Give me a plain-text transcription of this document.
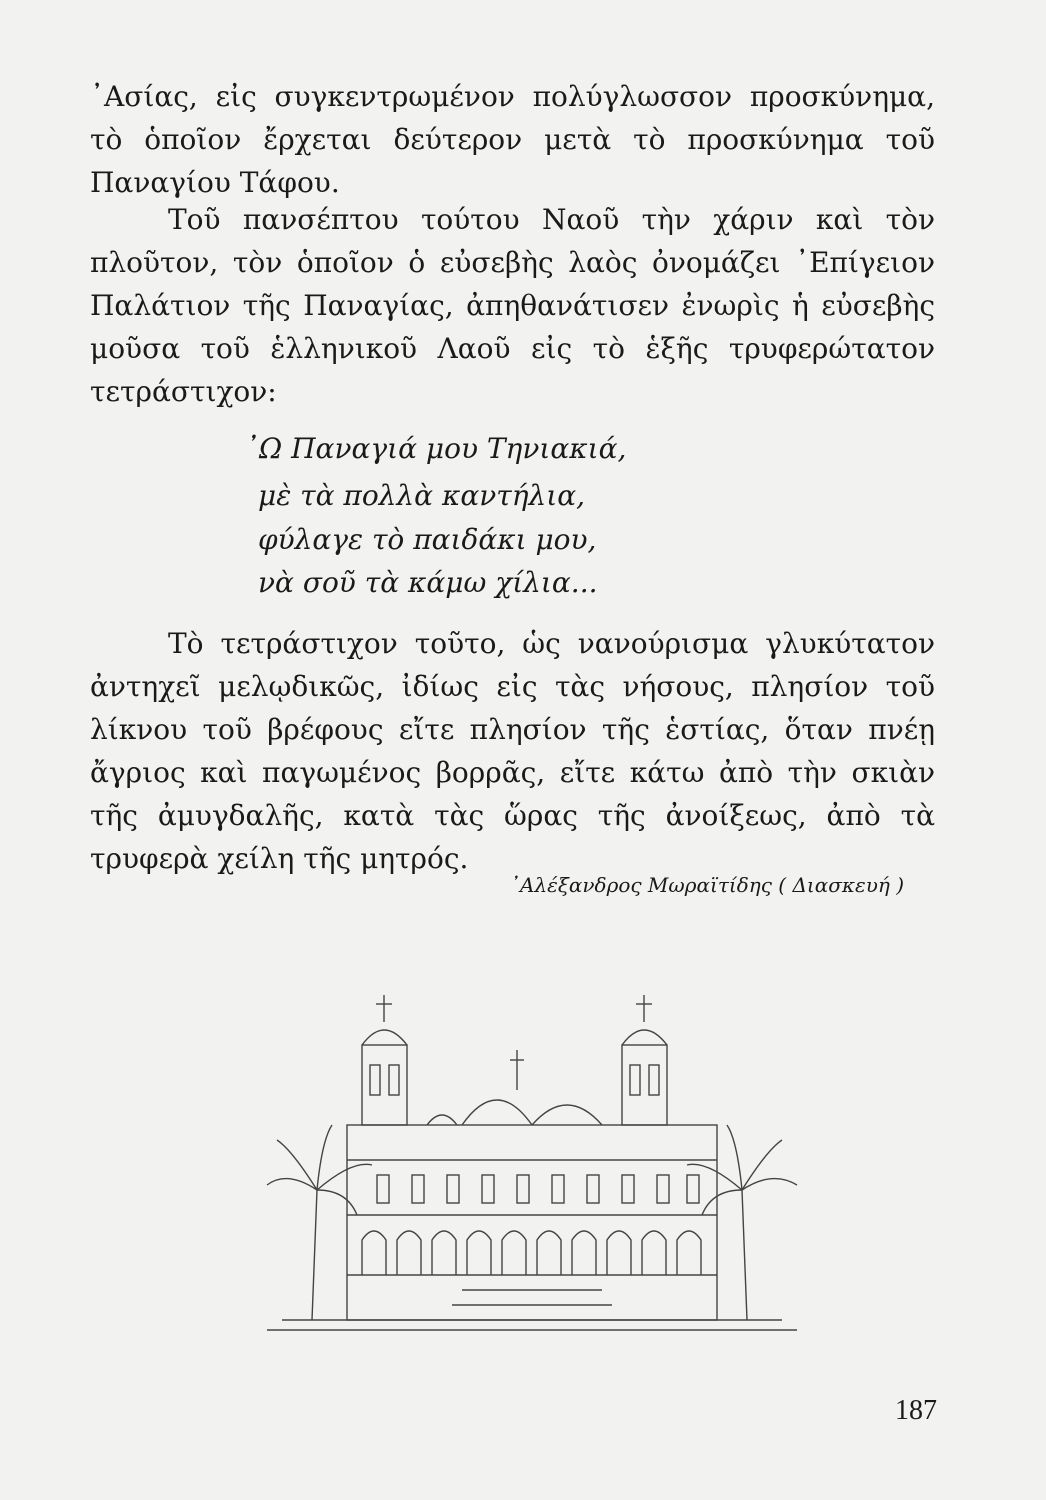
᾿Ασίας, εἰς συγκεντρωμένον πολύγλωσσον προσκύνημα, τὸ ὁποῖον ἔρχεται δεύτερον μετὰ τὸ προσκύνημα τοῦ Παναγίου Τάφου.

Τοῦ πανσέπτου τούτου Ναοῦ τὴν χάριν καὶ τὸν πλοῦτον, τὸν ὁποῖον ὁ εὐσεβὴς λαὸς ὀνομάζει ᾿Επίγειον Παλάτιον τῆς Παναγίας, ἀπηθανάτισεν ἐνωρὶς ἡ εὐσεβὴς μοῦσα τοῦ ἑλληνικοῦ Λαοῦ εἰς τὸ ἑξῆς τρυφερώτατον τετράστιχον:

᾿Ω Παναγιά μου Τηνιακιά,
μὲ τὰ πολλὰ καντήλια,
φύλαγε τὸ παιδάκι μου,
νὰ σοῦ τὰ κάμω χίλια...

Τὸ τετράστιχον τοῦτο, ὡς νανούρισμα γλυκύτατον ἀντηχεῖ μελῳδικῶς, ἰδίως εἰς τὰς νήσους, πλησίον τοῦ λίκνου τοῦ βρέφους εἴτε πλησίον τῆς ἑστίας, ὅταν πνέῃ ἄγριος καὶ παγωμένος βορρᾶς, εἴτε κάτω ἀπὸ τὴν σκιὰν τῆς ἀμυγδαλῆς, κατὰ τὰς ὥρας τῆς ἀνοίξεως, ἀπὸ τὰ τρυφερὰ χείλη τῆς μητρός.

᾿Αλέξανδρος Μωραϊτίδης ( Διασκευή )
187
